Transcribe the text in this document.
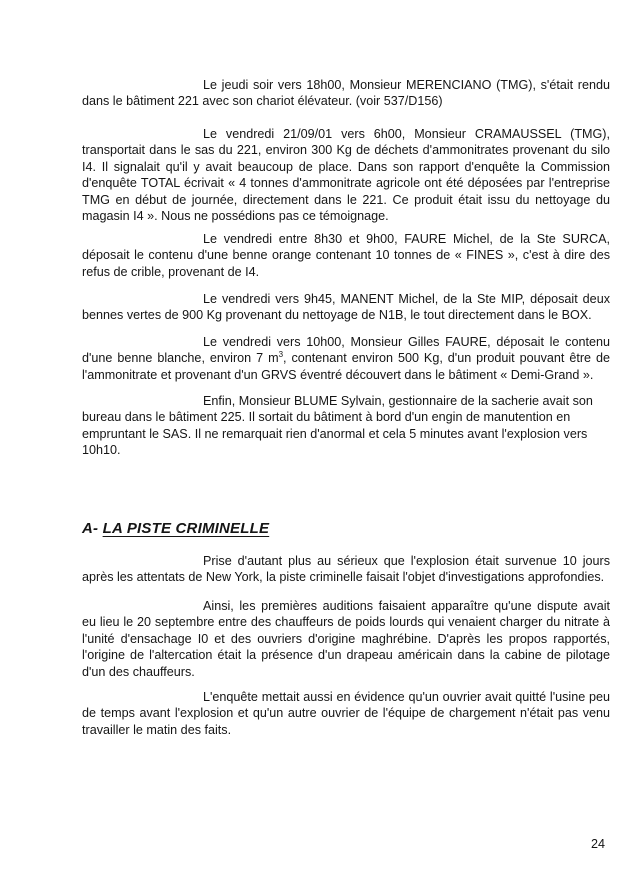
Le jeudi soir vers 18h00, Monsieur MERENCIANO (TMG), s'était rendu dans le bâtiment 221 avec son chariot élévateur. (voir 537/D156)

Le vendredi 21/09/01 vers 6h00, Monsieur CRAMAUSSEL (TMG), transportait dans le sas du 221, environ 300 Kg de déchets d'ammonitrates provenant du silo I4. Il signalait qu'il y avait beaucoup de place. Dans son rapport d'enquête la Commission d'enquête TOTAL écrivait « 4 tonnes d'ammonitrate agricole ont été déposées par l'entreprise TMG en début de journée, directement dans le 221. Ce produit était issu du nettoyage du magasin I4 ». Nous ne possédions pas ce témoignage.

Le vendredi entre 8h30 et 9h00, FAURE Michel, de la Ste SURCA, déposait le contenu d'une benne orange contenant 10 tonnes de « FINES », c'est à dire des refus de crible, provenant de I4.

Le vendredi vers 9h45, MANENT Michel, de la Ste MIP, déposait deux bennes vertes de 900 Kg provenant du nettoyage de N1B, le tout directement dans le BOX.

Le vendredi vers 10h00, Monsieur Gilles FAURE, déposait le contenu d'une benne blanche, environ 7 $m^3$, contenant environ 500 Kg, d'un produit pouvant être de l'ammonitrate et provenant d'un GRVS éventré découvert dans le bâtiment « Demi-Grand ».

Enfin, Monsieur BLUME Sylvain, gestionnaire de la sacherie avait son bureau dans le bâtiment 225. Il sortait du bâtiment à bord d'un engin de manutention en empruntant le SAS. Il ne remarquait rien d'anormal et cela 5 minutes avant l'explosion vers 10h10.

A- LA PISTE CRIMINELLE

Prise d'autant plus au sérieux que l'explosion était survenue 10 jours après les attentats de New York, la piste criminelle faisait l'objet d'investigations approfondies.

Ainsi, les premières auditions faisaient apparaître qu'une dispute avait eu lieu le 20 septembre entre des chauffeurs de poids lourds qui venaient charger du nitrate à l'unité d'ensachage I0 et des ouvriers d'origine maghrébine. D'après les propos rapportés, l'origine de l'altercation était la présence d'un drapeau américain dans la cabine de pilotage d'un des chauffeurs.

L'enquête mettait aussi en évidence qu'un ouvrier avait quitté l'usine peu de temps avant l'explosion et qu'un autre ouvrier de l'équipe de chargement n'était pas venu travailler le matin des faits.

24
